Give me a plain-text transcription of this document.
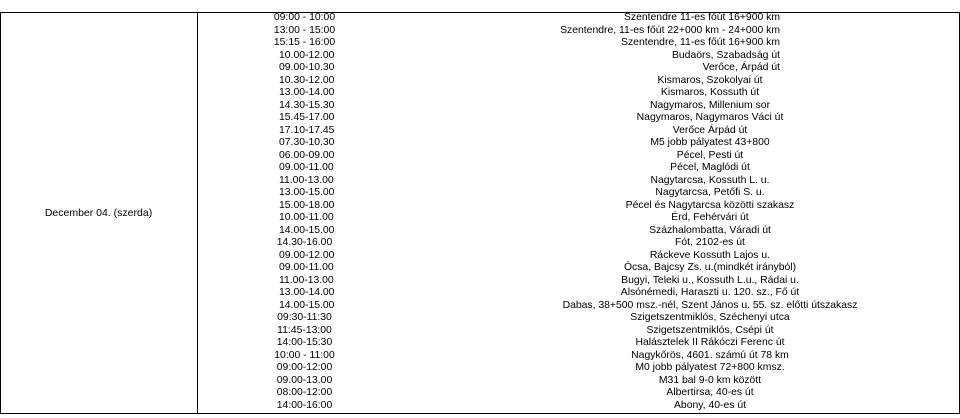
December 04. (szerda)
09:00 - 10:00	Szentendre 11-es főút 16+900 km
13:00 - 15:00	Szentendre, 11-es főút 22+000 km - 24+000 km
15:15 - 16:00	Szentendre, 11-es főút 16+900 km
10.00-12.00	Budaörs, Szabadság út
09.00-10.30	Verőce, Árpád út
10.30-12.00	Kismaros, Szokolyai út
13.00-14.00	Kismaros, Kossuth út
14.30-15.30	Nagymaros, Millenium sor
15.45-17.00	Nagymaros, Nagymaros Váci út
17.10-17.45	Verőce Árpád út
07.30-10.30	M5 jobb pályatest 43+800
06.00-09.00	Pécel, Pesti út
09.00-11.00	Pécel, Maglódi út
11.00-13.00	Nagytarcsa, Kossuth L. u.
13.00-15.00	Nagytarcsa, Petőfi S. u.
15.00-18.00	Pécel és Nagytarcsa közötti szakasz
10.00-11.00	Érd, Fehérvári út
14.00-15.00	Százhalombatta, Váradi út
14.30-16.00	Fót, 2102-es út
09.00-12.00	Ráckeve Kossuth Lajos u.
09.00-11.00	Ócsa, Bajcsy Zs. u.(mindkét irányból)
11.00-13.00	Bugyi, Teleki u., Kossuth L.u., Rádai u.
13.00-14.00	Alsónémedi, Haraszti u. 120. sz., Fő út
14.00-15.00	Dabas, 38+500 msz.-nél, Szent János u. 55. sz. előtti útszakasz
09:30-11:30	Szigetszentmiklós, Széchenyi utca
11:45-13:00	Szigetszentmiklós, Csépi út
14:00-15:30	Halásztelek II Rákóczi Ferenc út
10:00 - 11:00	Nagykőrös, 4601. számú út 78 km
09:00-12:00	M0 jobb pályatest 72+800 kmsz.
09.00-13.00	M31 bal 9-0 km között
08:00-12:00	Albertirsa, 40-es út
14:00-16:00	Abony, 40-es út
